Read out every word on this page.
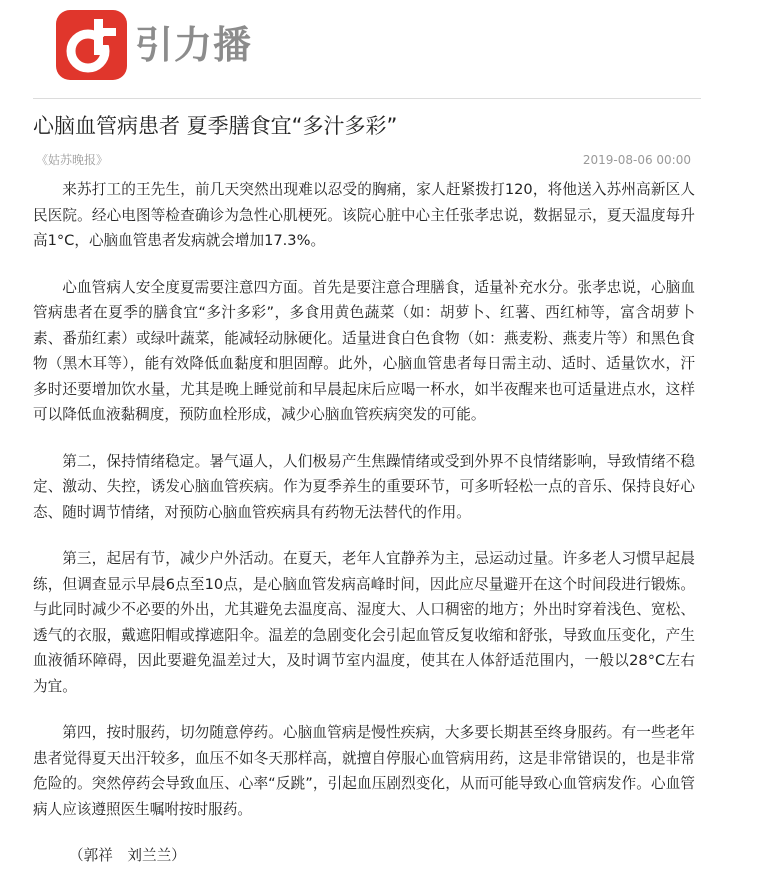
引力播
心脑血管病患者 夏季膳食宜“多汁多彩”
《姑苏晚报》	2019-08-06 00:00

来苏打工的王先生，前几天突然出现难以忍受的胸痛，家人赶紧拨打120，将他送入苏州高新区人民医院。经心电图等检查确诊为急性心肌梗死。该院心脏中心主任张孝忠说，数据显示，夏天温度每升高1°C，心脑血管患者发病就会增加17.3%。

心血管病人安全度夏需要注意四方面。首先是要注意合理膳食，适量补充水分。张孝忠说，心脑血管病患者在夏季的膳食宜“多汁多彩”，多食用黄色蔬菜（如：胡萝卜、红薯、西红柿等，富含胡萝卜素、番茄红素）或绿叶蔬菜，能减轻动脉硬化。适量进食白色食物（如：燕麦粉、燕麦片等）和黑色食物（黑木耳等），能有效降低血黏度和胆固醇。此外，心脑血管患者每日需主动、适时、适量饮水，汗多时还要增加饮水量，尤其是晚上睡觉前和早晨起床后应喝一杯水，如半夜醒来也可适量进点水，这样可以降低血液黏稠度，预防血栓形成，减少心脑血管疾病突发的可能。

第二，保持情绪稳定。暑气逼人，人们极易产生焦躁情绪或受到外界不良情绪影响，导致情绪不稳定、激动、失控，诱发心脑血管疾病。作为夏季养生的重要环节，可多听轻松一点的音乐、保持良好心态、随时调节情绪，对预防心脑血管疾病具有药物无法替代的作用。

第三，起居有节，减少户外活动。在夏天，老年人宜静养为主，忌运动过量。许多老人习惯早起晨练，但调查显示早晨6点至10点，是心脑血管发病高峰时间，因此应尽量避开在这个时间段进行锻炼。与此同时减少不必要的外出，尤其避免去温度高、湿度大、人口稠密的地方；外出时穿着浅色、宽松、透气的衣服，戴遮阳帽或撑遮阳伞。温差的急剧变化会引起血管反复收缩和舒张，导致血压变化，产生血液循环障碍，因此要避免温差过大，及时调节室内温度，使其在人体舒适范围内，一般以28°C左右为宜。

第四，按时服药，切勿随意停药。心脑血管病是慢性疾病，大多要长期甚至终身服药。有一些老年患者觉得夏天出汗较多，血压不如冬天那样高，就擅自停服心血管病用药，这是非常错误的，也是非常危险的。突然停药会导致血压、心率“反跳”，引起血压剧烈变化，从而可能导致心血管病发作。心血管病人应该遵照医生嘱咐按时服药。

（郭祥　刘兰兰）
